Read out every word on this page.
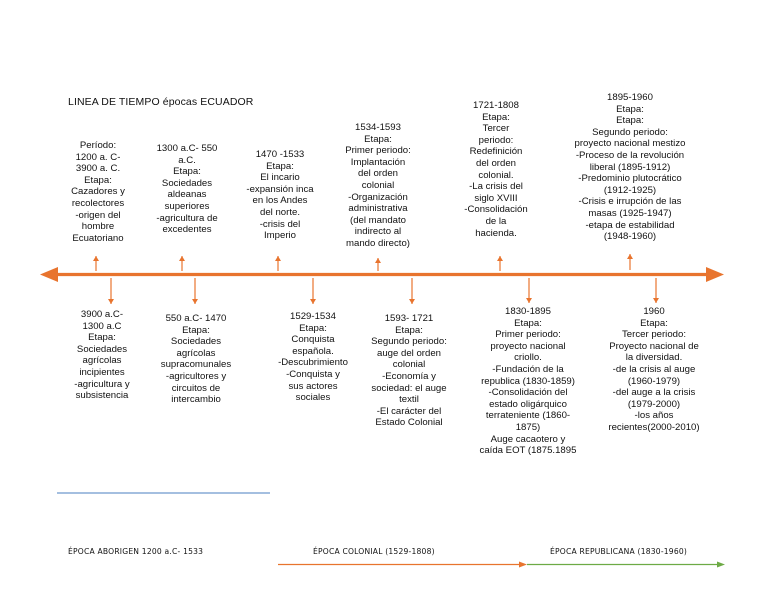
LINEA DE TIEMPO épocas ECUADOR
Período:
1200 a. C-
3900 a. C.
Etapa:
Cazadores y
recolectores
-origen del
hombre
Ecuatoriano
1300 a.C- 550
a.C.
Etapa:
Sociedades
aldeanas
superiores
-agricultura de
excedentes
1470 -1533
Etapa:
El incario
-expansión inca
en los Andes
del norte.
-crisis del
Imperio
1534-1593
Etapa:
Primer periodo:
Implantación
del orden
colonial
-Organización
administrativa
(del mandato
indirecto al
mando directo)
1721-1808
Etapa:
Tercer
periodo:
Redefinición
del orden
colonial.
-La crisis del
siglo XVIII
-Consolidación
de la
hacienda.
1895-1960
Etapa:
Etapa:
Segundo periodo:
proyecto nacional mestizo
-Proceso de la revolución
liberal (1895-1912)
-Predominio plutocrático
(1912-1925)
-Crisis e irrupción de las
masas (1925-1947)
-etapa de estabilidad
(1948-1960)
3900 a.C-
1300 a.C
Etapa:
Sociedades
agrícolas
incipientes
-agricultura y
subsistencia
550 a.C- 1470
Etapa:
Sociedades
agrícolas
supracomunales
-agricultores y
circuitos de
intercambio
1529-1534
Etapa:
Conquista
española.
-Descubrimiento
-Conquista y
sus actores
sociales
1593- 1721
Etapa:
Segundo periodo:
auge del orden
colonial
-Economía y
sociedad: el auge
textil
-El carácter del
Estado Colonial
1830-1895
Etapa:
Primer periodo:
proyecto nacional
criollo.
-Fundación de la
republica (1830-1859)
-Consolidación del
estado oligárquico
terrateniente (1860-
1875)
Auge cacaotero y
caída EOT (1875.1895
1960
Etapa:
Tercer periodo:
Proyecto nacional de
la diversidad.
-de la crisis al auge
(1960-1979)
-del auge a la crisis
(1979-2000)
-los años
recientes(2000-2010)
ÉPOCA ABORIGEN 1200 a.C- 1533	ÉPOCA COLONIAL (1529-1808)	ÉPOCA REPUBLICANA (1830-1960)
